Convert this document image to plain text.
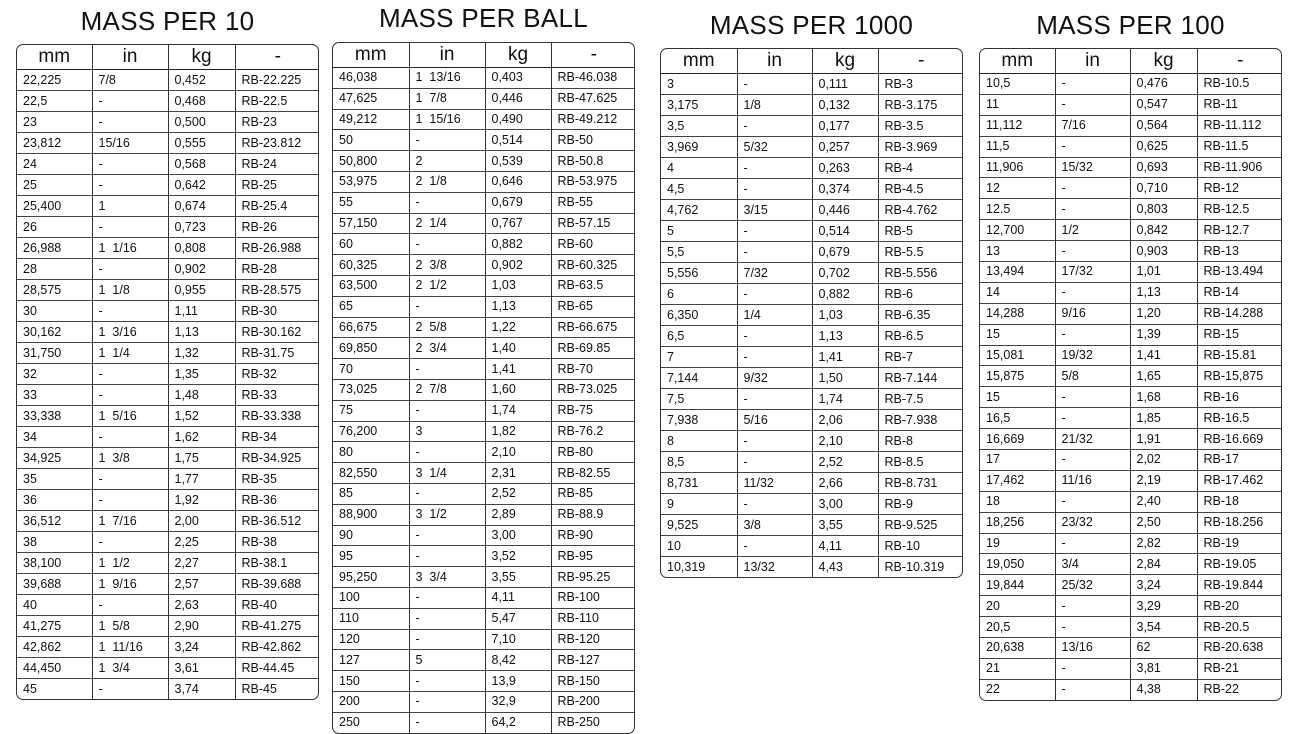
MASS PER 10
mm	in	kg	-
22,225	7/8	0,452	RB-22.225
22,5	-	0,468	RB-22.5
23	-	0,500	RB-23
23,812	15/16	0,555	RB-23.812
24	-	0,568	RB-24
25	-	0,642	RB-25
25,400	1	0,674	RB-25.4
26	-	0,723	RB-26
26,988	1  1/16	0,808	RB-26.988
28	-	0,902	RB-28
28,575	1  1/8	0,955	RB-28.575
30	-	1,11	RB-30
30,162	1  3/16	1,13	RB-30.162
31,750	1  1/4	1,32	RB-31.75
32	-	1,35	RB-32
33	-	1,48	RB-33
33,338	1  5/16	1,52	RB-33.338
34	-	1,62	RB-34
34,925	1  3/8	1,75	RB-34.925
35	-	1,77	RB-35
36	-	1,92	RB-36
36,512	1  7/16	2,00	RB-36.512
38	-	2,25	RB-38
38,100	1  1/2	2,27	RB-38.1
39,688	1  9/16	2,57	RB-39.688
40	-	2,63	RB-40
41,275	1  5/8	2,90	RB-41.275
42,862	1  11/16	3,24	RB-42.862
44,450	1  3/4	3,61	RB-44.45
45	-	3,74	RB-45
MASS PER BALL
mm	in	kg	-
46,038	1  13/16	0,403	RB-46.038
47,625	1  7/8	0,446	RB-47.625
49,212	1  15/16	0,490	RB-49.212
50	-	0,514	RB-50
50,800	2	0,539	RB-50.8
53,975	2  1/8	0,646	RB-53.975
55	-	0,679	RB-55
57,150	2  1/4	0,767	RB-57.15
60	-	0,882	RB-60
60,325	2  3/8	0,902	RB-60.325
63,500	2  1/2	1,03	RB-63.5
65	-	1,13	RB-65
66,675	2  5/8	1,22	RB-66.675
69,850	2  3/4	1,40	RB-69.85
70	-	1,41	RB-70
73,025	2  7/8	1,60	RB-73.025
75	-	1,74	RB-75
76,200	3	1,82	RB-76.2
80	-	2,10	RB-80
82,550	3  1/4	2,31	RB-82.55
85	-	2,52	RB-85
88,900	3  1/2	2,89	RB-88.9
90	-	3,00	RB-90
95	-	3,52	RB-95
95,250	3  3/4	3,55	RB-95.25
100	-	4,11	RB-100
110	-	5,47	RB-110
120	-	7,10	RB-120
127	5	8,42	RB-127
150	-	13,9	RB-150
200	-	32,9	RB-200
250	-	64,2	RB-250
MASS PER 1000
mm	in	kg	-
3	-	0,111	RB-3
3,175	1/8	0,132	RB-3.175
3,5	-	0,177	RB-3.5
3,969	5/32	0,257	RB-3.969
4	-	0,263	RB-4
4,5	-	0,374	RB-4.5
4,762	3/15	0,446	RB-4.762
5	-	0,514	RB-5
5,5	-	0,679	RB-5.5
5,556	7/32	0,702	RB-5.556
6	-	0,882	RB-6
6,350	1/4	1,03	RB-6.35
6,5	-	1,13	RB-6.5
7	-	1,41	RB-7
7,144	9/32	1,50	RB-7.144
7,5	-	1,74	RB-7.5
7,938	5/16	2,06	RB-7.938
8	-	2,10	RB-8
8,5	-	2,52	RB-8.5
8,731	11/32	2,66	RB-8.731
9	-	3,00	RB-9
9,525	3/8	3,55	RB-9.525
10	-	4,11	RB-10
10,319	13/32	4,43	RB-10.319
MASS PER 100
mm	in	kg	-
10,5	-	0,476	RB-10.5
11	-	0,547	RB-11
11,112	7/16	0,564	RB-11.112
11,5	-	0,625	RB-11.5
11,906	15/32	0,693	RB-11.906
12	-	0,710	RB-12
12.5	-	0,803	RB-12.5
12,700	1/2	0,842	RB-12.7
13	-	0,903	RB-13
13,494	17/32	1,01	RB-13.494
14	-	1,13	RB-14
14,288	9/16	1,20	RB-14.288
15	-	1,39	RB-15
15,081	19/32	1,41	RB-15.81
15,875	5/8	1,65	RB-15,875
15	-	1,68	RB-16
16,5	-	1,85	RB-16.5
16,669	21/32	1,91	RB-16.669
17	-	2,02	RB-17
17,462	11/16	2,19	RB-17.462
18	-	2,40	RB-18
18,256	23/32	2,50	RB-18.256
19	-	2,82	RB-19
19,050	3/4	2,84	RB-19.05
19,844	25/32	3,24	RB-19.844
20	-	3,29	RB-20
20,5	-	3,54	RB-20.5
20,638	13/16	62	RB-20.638
21	-	3,81	RB-21
22	-	4,38	RB-22
